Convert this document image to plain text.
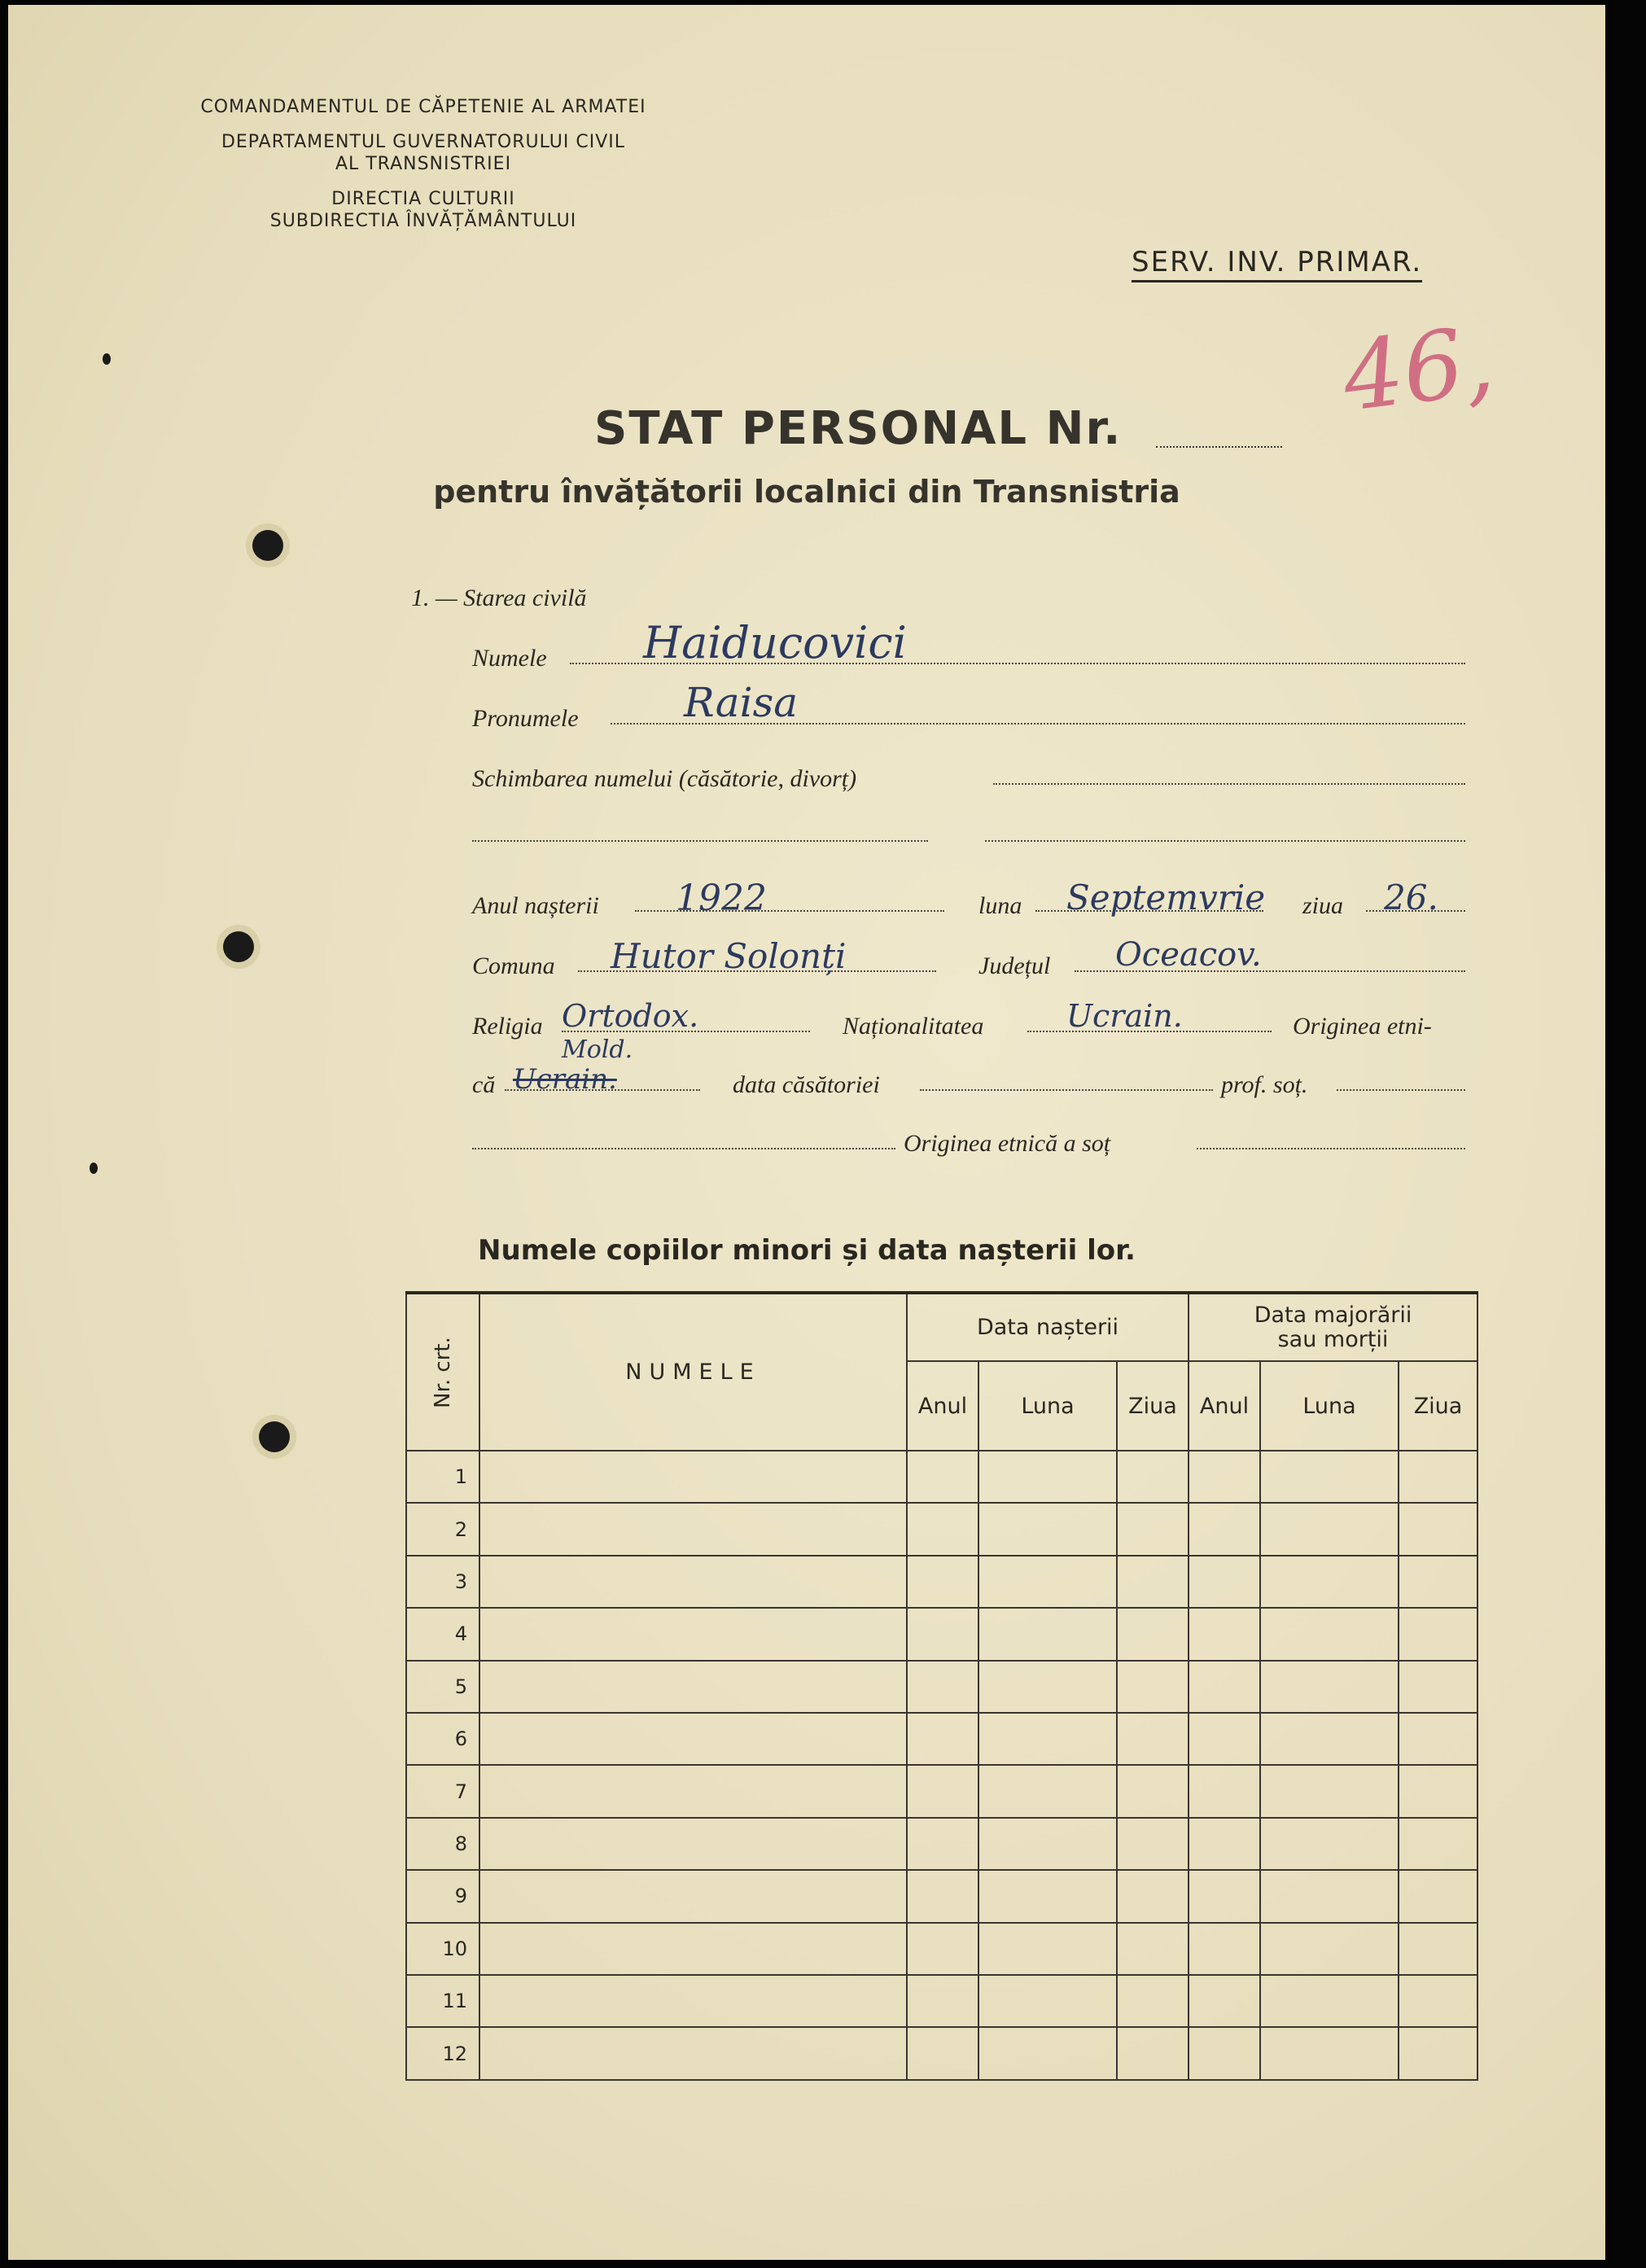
COMANDAMENTUL DE CĂPETENIE AL ARMATEI
DEPARTAMENTUL GUVERNATORULUI CIVIL
AL TRANSNISTRIEI
DIRECTIA CULTURII
SUBDIRECTIA ÎNVĂȚĂMÂNTULUI
SERV. INV. PRIMAR.
46,
STAT PERSONAL Nr.
pentru învățătorii localnici din Transnistria
1. — Starea civilă
Numele Haiducovici
Pronumele	Raisa
Schimbarea numelui (căsătorie, divorț)
Anul nașterii 1922	luna Septemvrie ziua 26.
Comuna Hutor Solonți	Județul Oceacov.
Religia Ortodox.	Naționalitatea	Ucrain.	Originea etni-
că Ucrain.
Mold.
data căsătoriei	prof. soț.
Originea etnică a soț
Numele copiilor minori și data nașterii lor.
Nr. crt.	NUMELE	Data nașterii			Data majorării
sau morții		

		Anul	Luna	Ziua	Anul	Luna	Ziua
1							
2							
3							
4							
5							
6							
7							
8							
9							
10							
11							
12							
